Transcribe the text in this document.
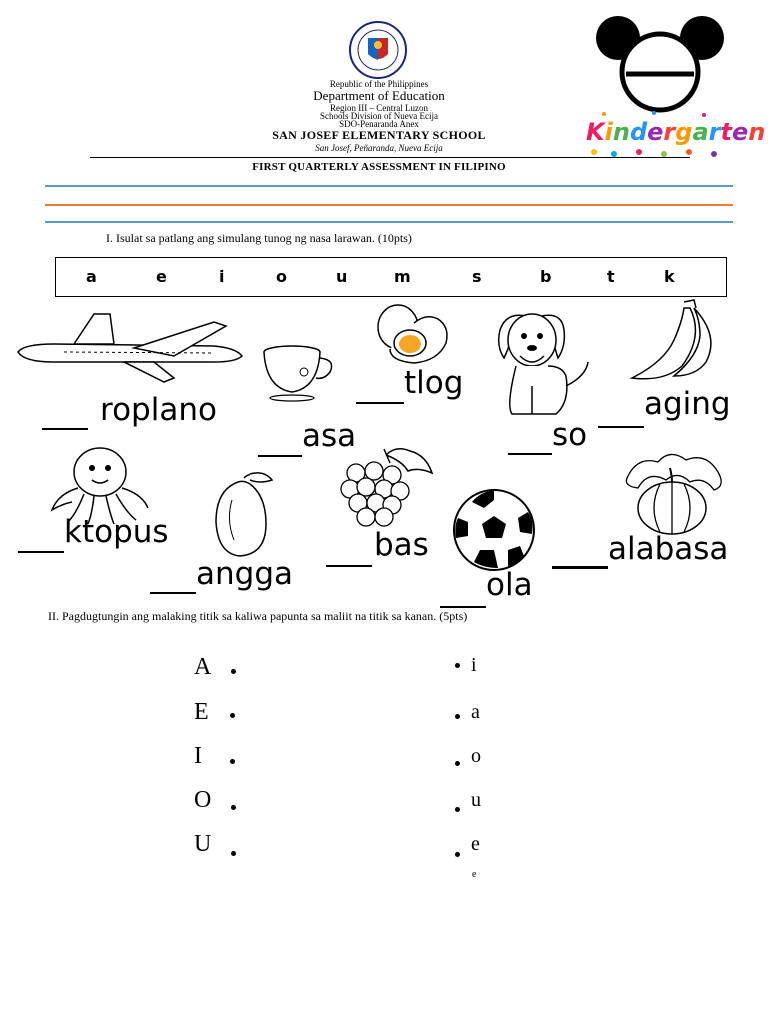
Republic of the Philippines
Department of Education
Region III – Central Luzon
Schools Division of Nueva Ecija
SDO-Penaranda Anex
SAN JOSEF ELEMENTARY SCHOOL
San Josef, Peñaranda, Nueva Ecija
FIRST QUARTERLY ASSESSMENT IN FILIPINO
Kindergarten
I. Isulat sa patlang ang simulang tunog ng nasa larawan. (10pts)
a	e	i	o	u	m	s	b	t	k
roplano
asa
tlog
so
aging
ktopus
angga
bas
ola
alabasa
II. Pagdugtungin ang malaking titik sa kaliwa papunta sa maliit na titik sa kanan. (5pts)
A
E
I
O
U
i
a
o
u
e
e
